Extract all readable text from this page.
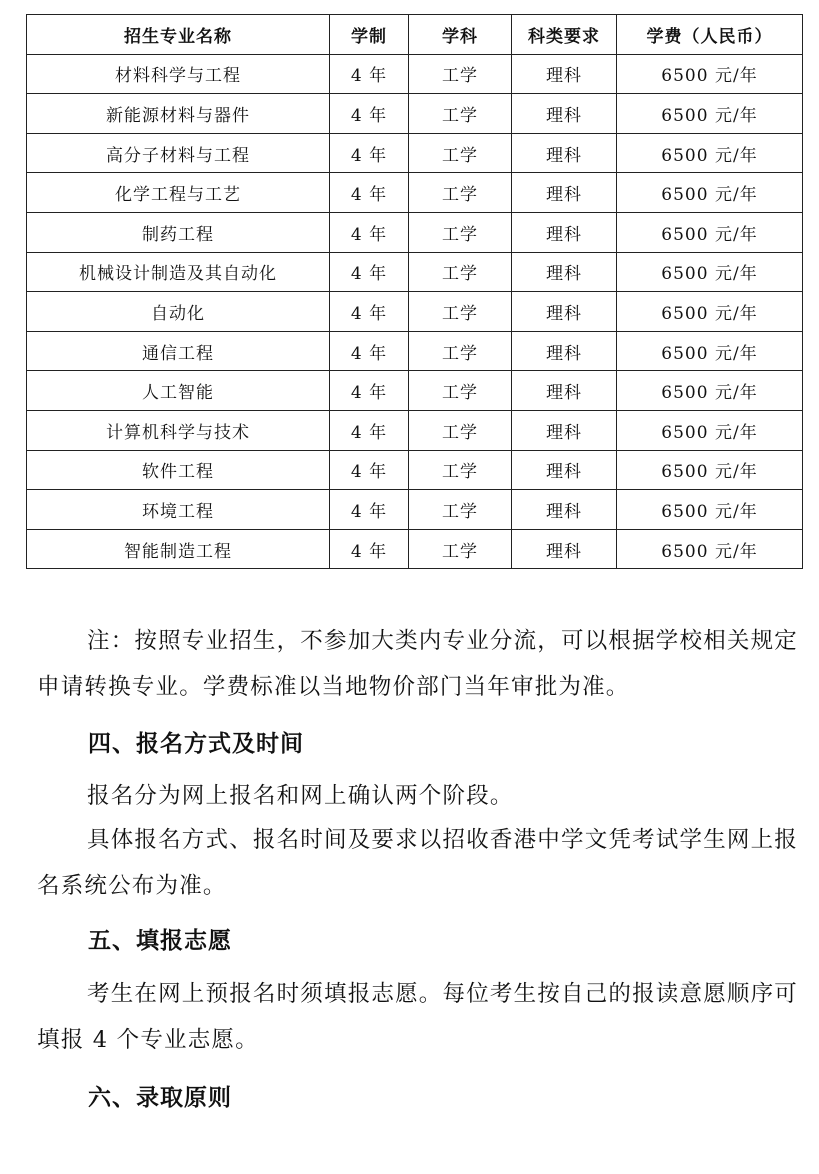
招生专业名称	学制	学科	科类要求	学费（人民币）
材料科学与工程	4 年	工学	理科	6500 元/年
新能源材料与器件	4 年	工学	理科	6500 元/年
高分子材料与工程	4 年	工学	理科	6500 元/年
化学工程与工艺	4 年	工学	理科	6500 元/年
制药工程	4 年	工学	理科	6500 元/年
机械设计制造及其自动化	4 年	工学	理科	6500 元/年
自动化	4 年	工学	理科	6500 元/年
通信工程	4 年	工学	理科	6500 元/年
人工智能	4 年	工学	理科	6500 元/年
计算机科学与技术	4 年	工学	理科	6500 元/年
软件工程	4 年	工学	理科	6500 元/年
环境工程	4 年	工学	理科	6500 元/年
智能制造工程	4 年	工学	理科	6500 元/年

注：按照专业招生，不参加大类内专业分流，可以根据学校相关规定申请转换专业。学费标准以当地物价部门当年审批为准。

四、报名方式及时间

报名分为网上报名和网上确认两个阶段。

具体报名方式、报名时间及要求以招收香港中学文凭考试学生网上报名系统公布为准。

五、填报志愿

考生在网上预报名时须填报志愿。每位考生按自己的报读意愿顺序可填报 4 个专业志愿。

六、录取原则
